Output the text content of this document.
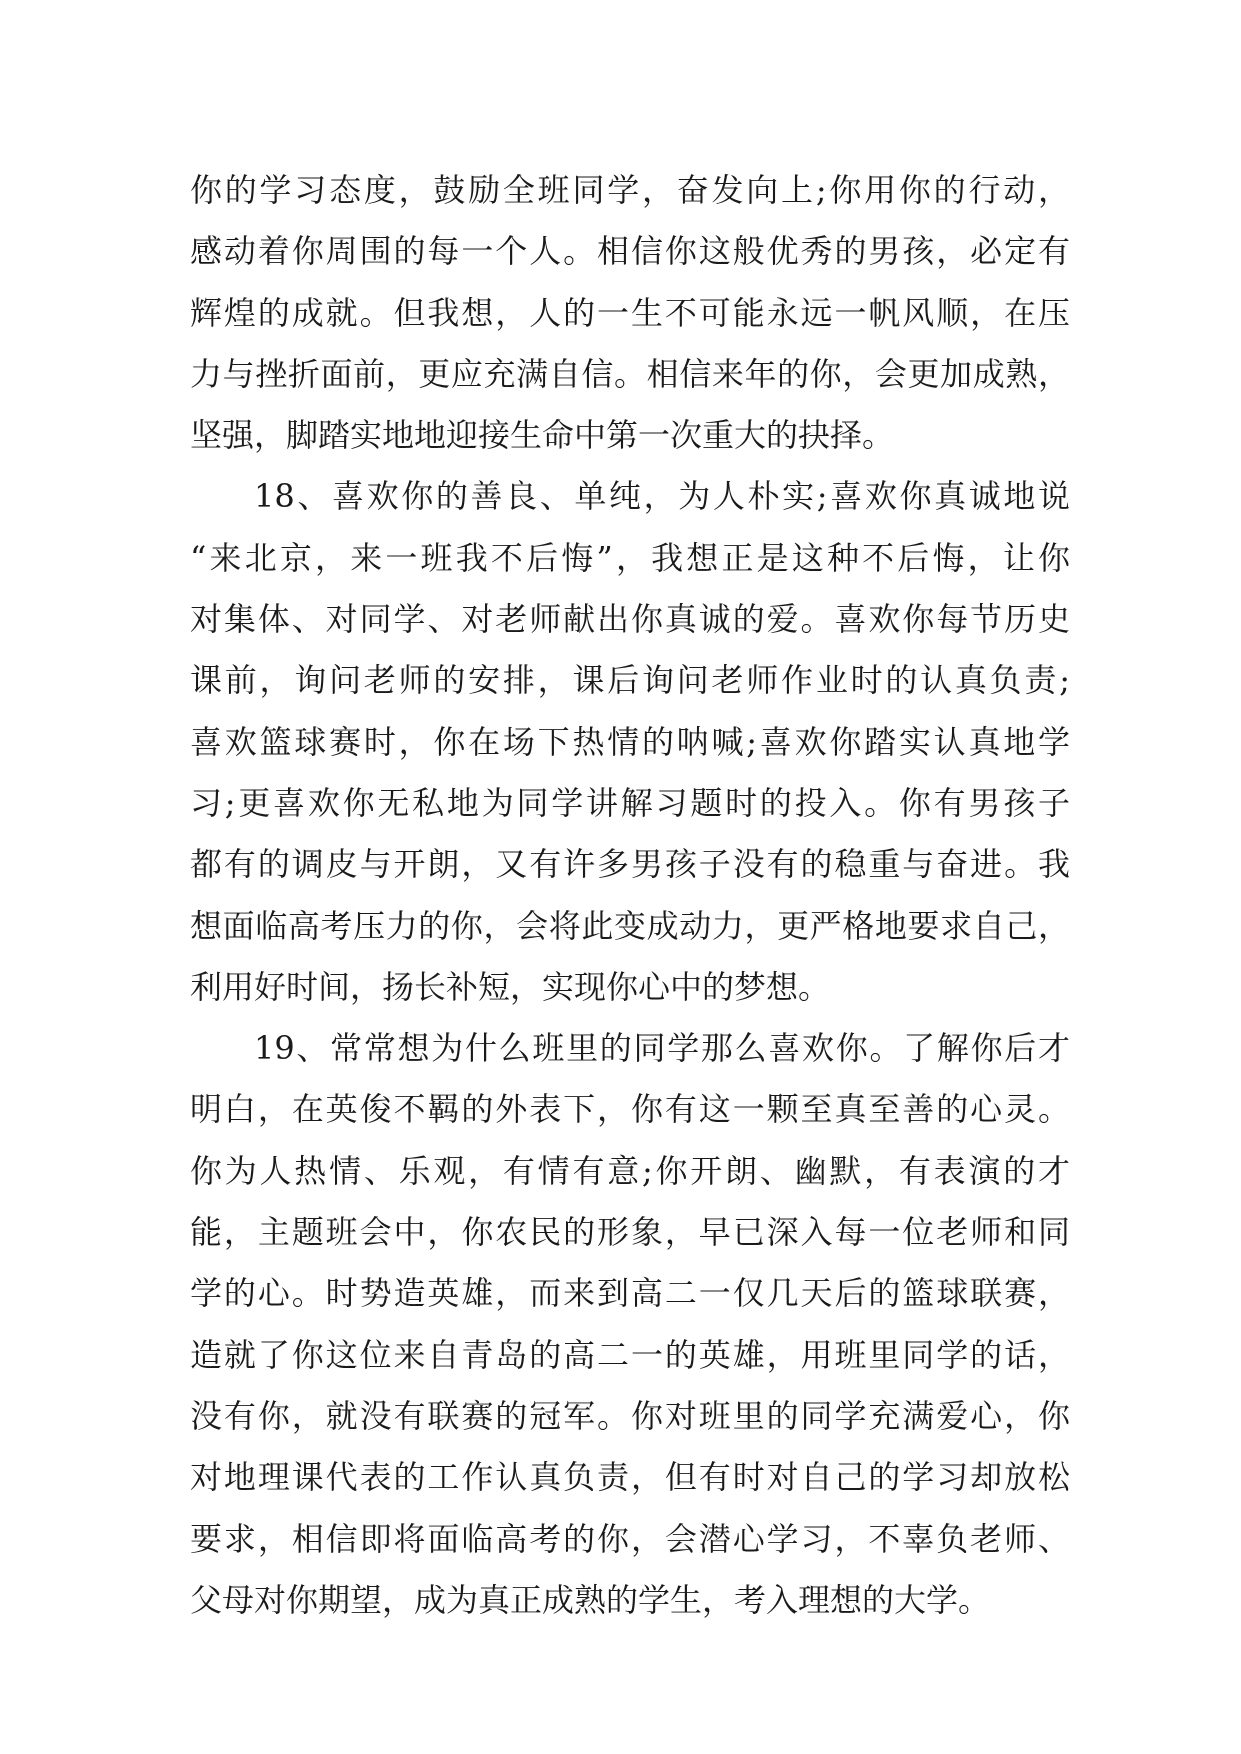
你的学习态度，鼓励全班同学，奋发向上;你用你的行动，
感动着你周围的每一个人。相信你这般优秀的男孩，必定有
辉煌的成就。但我想，人的一生不可能永远一帆风顺，在压
力与挫折面前，更应充满自信。相信来年的你，会更加成熟，
坚强，脚踏实地地迎接生命中第一次重大的抉择。
18、喜欢你的善良、单纯，为人朴实;喜欢你真诚地说
“来北京，来一班我不后悔”，我想正是这种不后悔，让你
对集体、对同学、对老师献出你真诚的爱。喜欢你每节历史
课前，询问老师的安排，课后询问老师作业时的认真负责;
喜欢篮球赛时，你在场下热情的呐喊;喜欢你踏实认真地学
习;更喜欢你无私地为同学讲解习题时的投入。你有男孩子
都有的调皮与开朗，又有许多男孩子没有的稳重与奋进。我
想面临高考压力的你，会将此变成动力，更严格地要求自己，
利用好时间，扬长补短，实现你心中的梦想。
19、常常想为什么班里的同学那么喜欢你。了解你后才
明白，在英俊不羁的外表下，你有这一颗至真至善的心灵。
你为人热情、乐观，有情有意;你开朗、幽默，有表演的才
能，主题班会中，你农民的形象，早已深入每一位老师和同
学的心。时势造英雄，而来到高二一仅几天后的篮球联赛，
造就了你这位来自青岛的高二一的英雄，用班里同学的话，
没有你，就没有联赛的冠军。你对班里的同学充满爱心，你
对地理课代表的工作认真负责，但有时对自己的学习却放松
要求，相信即将面临高考的你，会潜心学习，不辜负老师、
父母对你期望，成为真正成熟的学生，考入理想的大学。
